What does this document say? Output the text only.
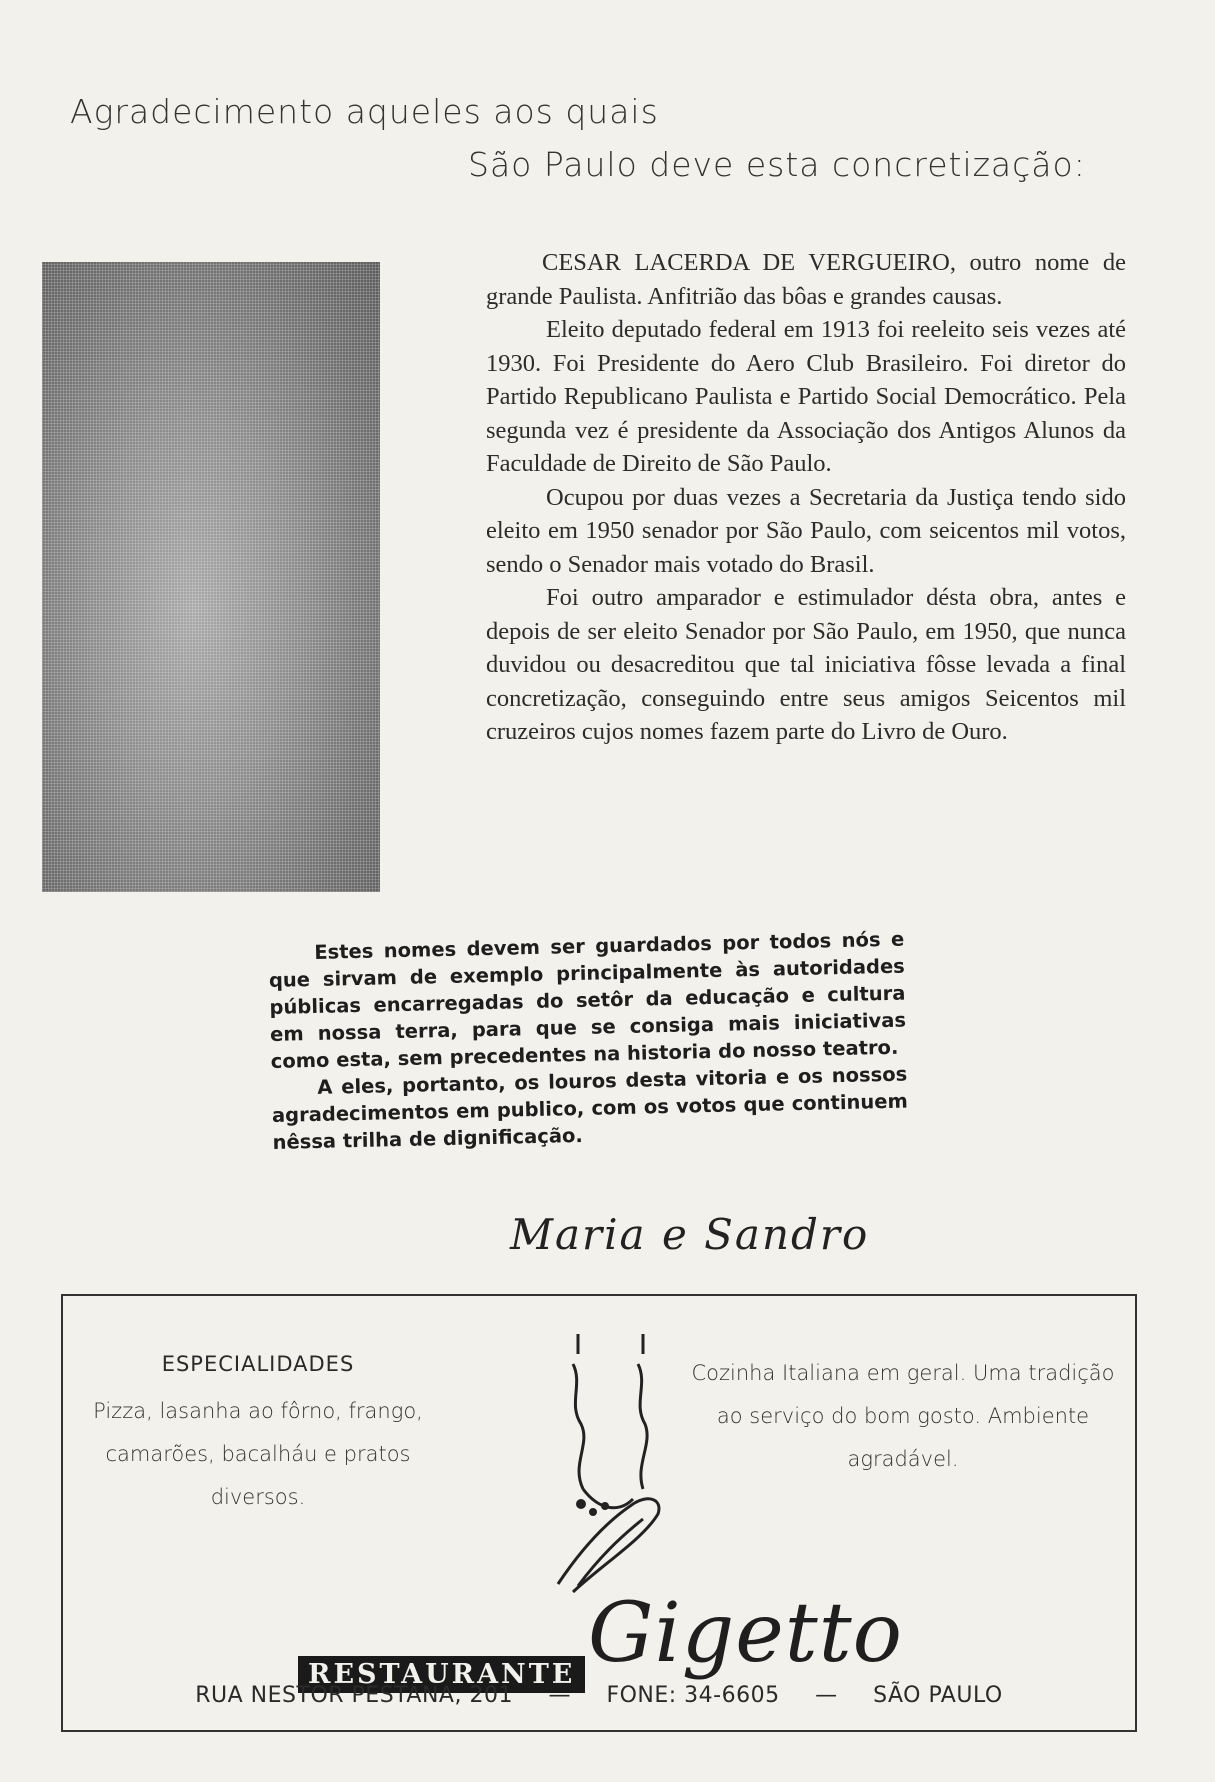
Agradecimento aqueles aos quais
São Paulo deve esta concretização:

CESAR LACERDA DE VERGUEIRO, outro nome de grande Paulista. Anfitrião das bôas e grandes causas.

Eleito deputado federal em 1913 foi reeleito seis vezes até 1930. Foi Presidente do Aero Club Brasileiro. Foi diretor do Partido Republicano Paulista e Partido Social Democrático. Pela segunda vez é presidente da Associação dos Antigos Alunos da Faculdade de Direito de São Paulo.

Ocupou por duas vezes a Secretaria da Justiça tendo sido eleito em 1950 senador por São Paulo, com seicentos mil votos, sendo o Senador mais votado do Brasil.

Foi outro amparador e estimulador désta obra, antes e depois de ser eleito Senador por São Paulo, em 1950, que nunca duvidou ou desacreditou que tal iniciativa fôsse levada a final concretização, conseguindo entre seus amigos Seicentos mil cruzeiros cujos nomes fazem parte do Livro de Ouro.

Estes nomes devem ser guardados por todos nós e que sirvam de exemplo principalmente às autoridades públicas encarregadas do setôr da educação e cultura em nossa terra, para que se consiga mais iniciativas como esta, sem precedentes na historia do nosso teatro.

A eles, portanto, os louros desta vitoria e os nossos agradecimentos em publico, com os votos que continuem nêssa trilha de dignificação.

Maria e Sandro
ESPECIALIDADES
Pizza, lasanha ao fôrno, frango, camarões, bacalháu e pratos diversos.
Cozinha Italiana em geral. Uma tradição ao serviço do bom gosto. Ambiente agradável.
RESTAURANTE Gigetto
RUA NESTOR PESTANA, 201 — FONE: 34-6605 — SÃO PAULO
